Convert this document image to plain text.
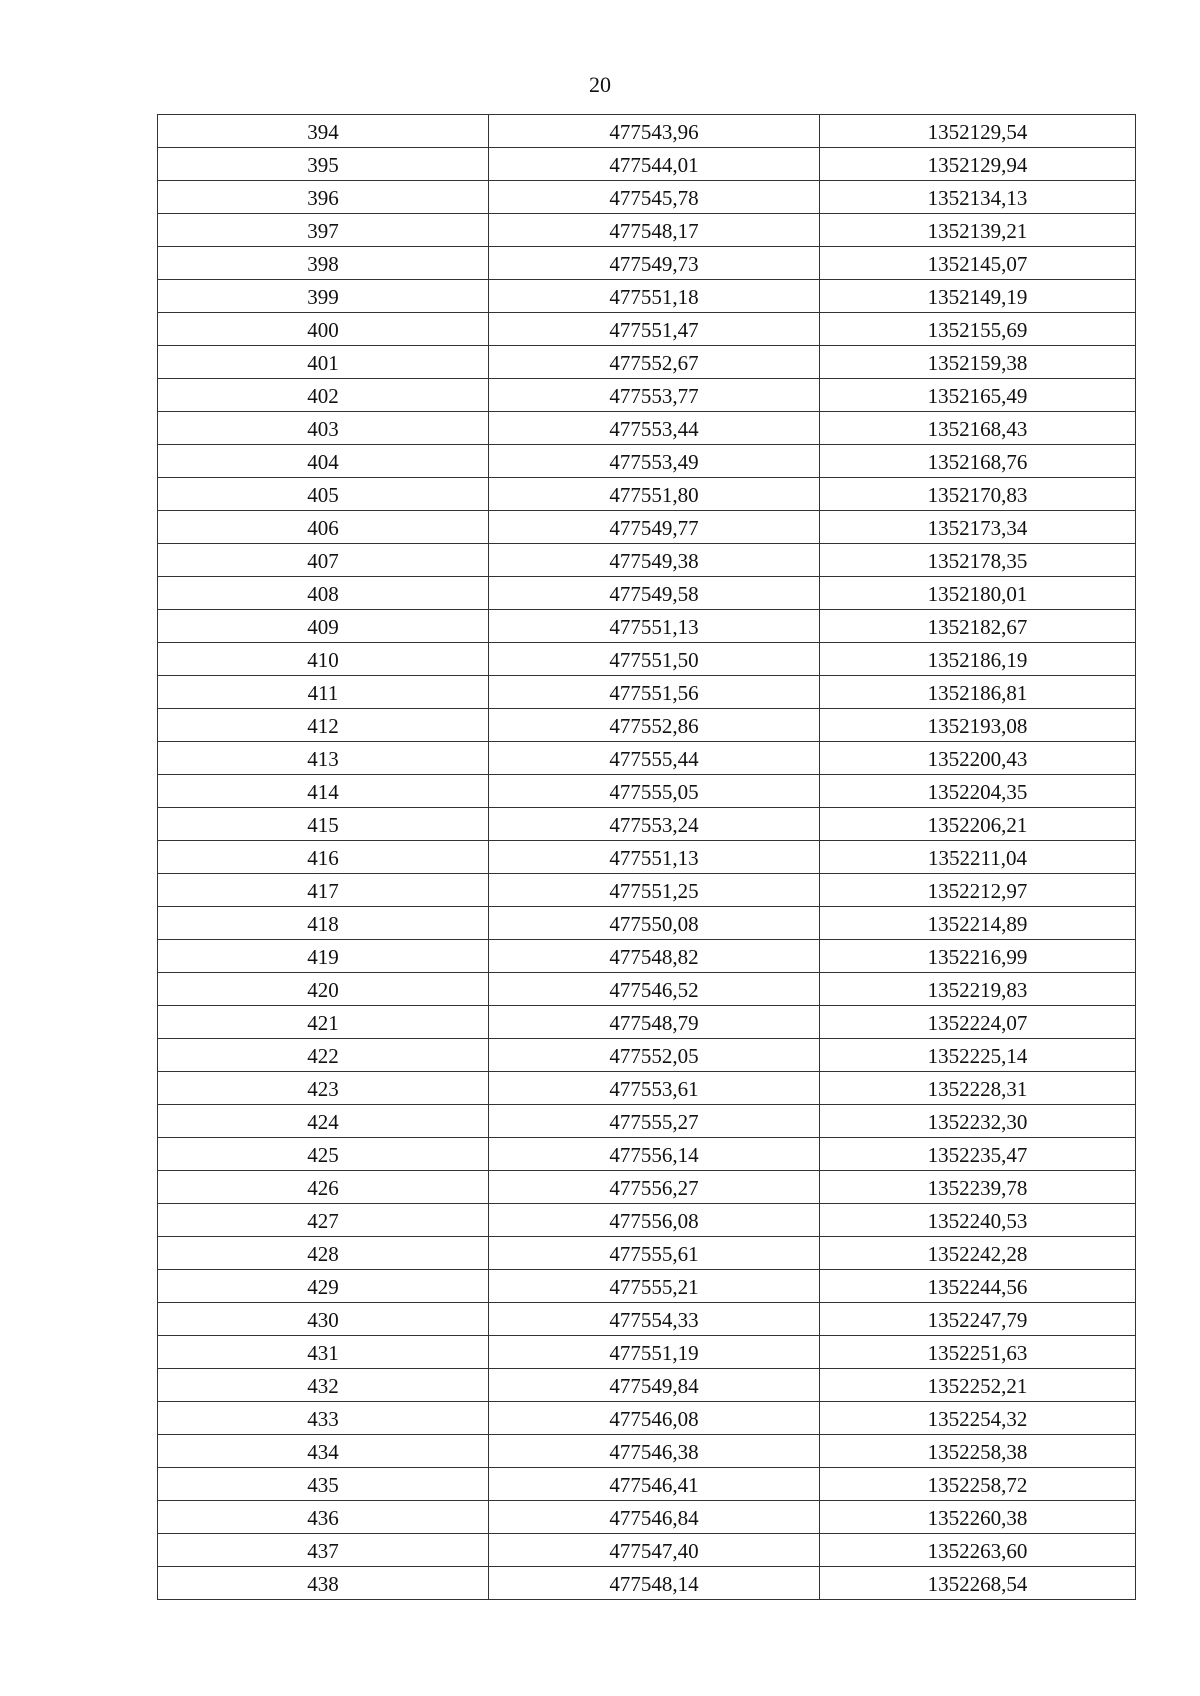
20
394	477543,96	1352129,54
395	477544,01	1352129,94
396	477545,78	1352134,13
397	477548,17	1352139,21
398	477549,73	1352145,07
399	477551,18	1352149,19
400	477551,47	1352155,69
401	477552,67	1352159,38
402	477553,77	1352165,49
403	477553,44	1352168,43
404	477553,49	1352168,76
405	477551,80	1352170,83
406	477549,77	1352173,34
407	477549,38	1352178,35
408	477549,58	1352180,01
409	477551,13	1352182,67
410	477551,50	1352186,19
411	477551,56	1352186,81
412	477552,86	1352193,08
413	477555,44	1352200,43
414	477555,05	1352204,35
415	477553,24	1352206,21
416	477551,13	1352211,04
417	477551,25	1352212,97
418	477550,08	1352214,89
419	477548,82	1352216,99
420	477546,52	1352219,83
421	477548,79	1352224,07
422	477552,05	1352225,14
423	477553,61	1352228,31
424	477555,27	1352232,30
425	477556,14	1352235,47
426	477556,27	1352239,78
427	477556,08	1352240,53
428	477555,61	1352242,28
429	477555,21	1352244,56
430	477554,33	1352247,79
431	477551,19	1352251,63
432	477549,84	1352252,21
433	477546,08	1352254,32
434	477546,38	1352258,38
435	477546,41	1352258,72
436	477546,84	1352260,38
437	477547,40	1352263,60
438	477548,14	1352268,54
